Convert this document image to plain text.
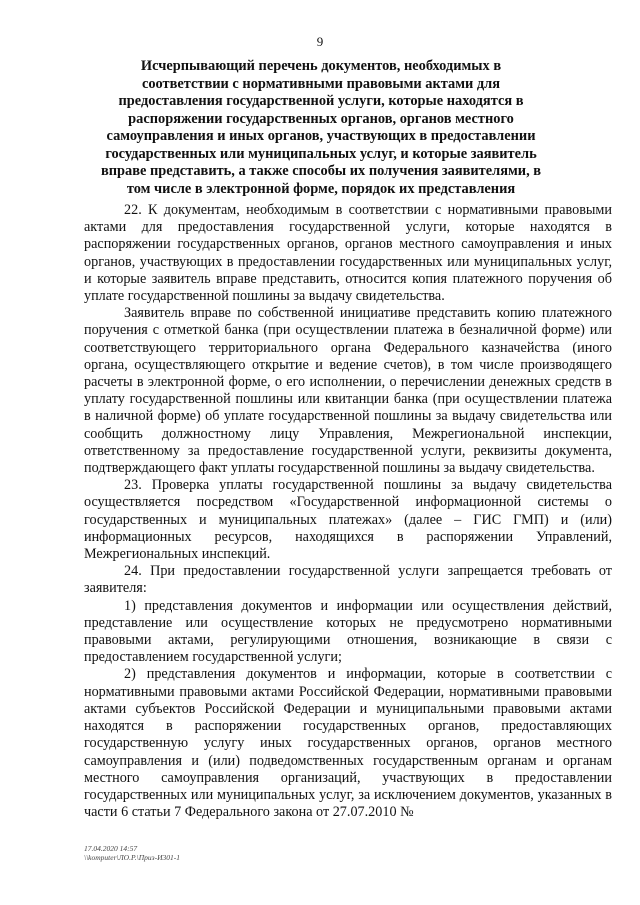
9
Исчерпывающий перечень документов, необходимых в соответствии с нормативными правовыми актами для предоставления государственной услуги, которые находятся в распоряжении государственных органов, органов местного самоуправления и иных органов, участвующих в предоставлении государственных или муниципальных услуг, и которые заявитель вправе представить, а также способы их получения заявителями, в том числе в электронной форме, порядок их представления

22. К документам, необходимым в соответствии с нормативными правовыми актами для предоставления государственной услуги, которые находятся в распоряжении государственных органов, органов местного самоуправления и иных органов, участвующих в предоставлении государственных или муниципальных услуг, и которые заявитель вправе представить, относится копия платежного поручения об уплате государственной пошлины за выдачу свидетельства.

Заявитель вправе по собственной инициативе представить копию платежного поручения с отметкой банка (при осуществлении платежа в безналичной форме) или соответствующего территориального органа Федерального казначейства (иного органа, осуществляющего открытие и ведение счетов), в том числе производящего расчеты в электронной форме, о его исполнении, о перечислении денежных средств в уплату государственной пошлины или квитанции банка (при осуществлении платежа в наличной форме) об уплате государственной пошлины за выдачу свидетельства или сообщить должностному лицу Управления, Межрегиональной инспекции, ответственному за предоставление государственной услуги, реквизиты документа, подтверждающего факт уплаты государственной пошлины за выдачу свидетельства.

23. Проверка уплаты государственной пошлины за выдачу свидетельства осуществляется посредством «Государственной информационной системы о государственных и муниципальных платежах» (далее – ГИС ГМП) и (или) информационных ресурсов, находящихся в распоряжении Управлений, Межрегиональных инспекций.

24. При предоставлении государственной услуги запрещается требовать от заявителя:

1) представления документов и информации или осуществления действий, представление или осуществление которых не предусмотрено нормативными правовыми актами, регулирующими отношения, возникающие в связи с предоставлением государственной услуги;

2) представления документов и информации, которые в соответствии с нормативными правовыми актами Российской Федерации, нормативными правовыми актами субъектов Российской Федерации и муниципальными правовыми актами находятся в распоряжении государственных органов, предоставляющих государственную услугу иных государственных органов, органов местного самоуправления и (или) подведомственных государственным органам и органам местного самоуправления организаций, участвующих в предоставлении государственных или муниципальных услуг, за исключением документов, указанных в части 6 статьи 7 Федерального закона от 27.07.2010 №

17.04.2020 14:57
\\komputer\ЛО.Р.\Приз-И301-1
